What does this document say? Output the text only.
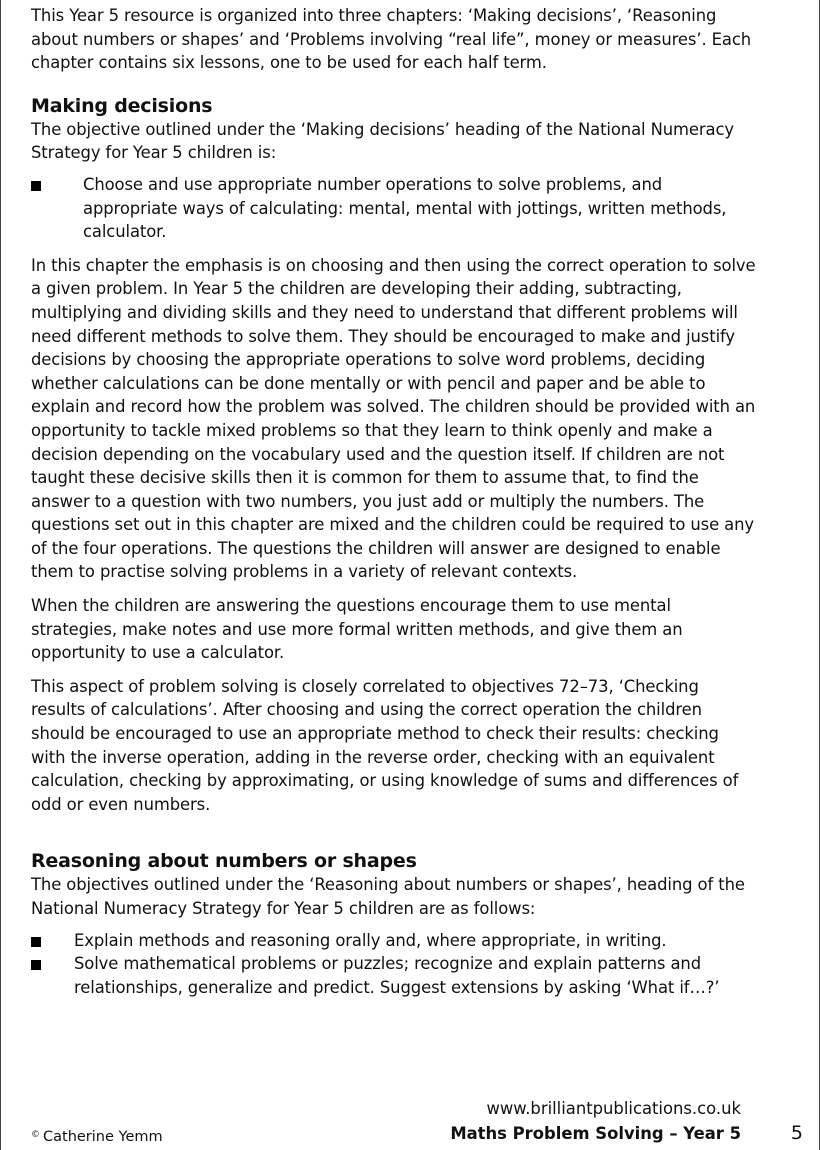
This Year 5 resource is organized into three chapters: ‘Making decisions’, ‘Reasoning about numbers or shapes’ and ‘Problems involving “real life”, money or measures’. Each chapter contains six lessons, one to be used for each half term.

Making decisions

The objective outlined under the ‘Making decisions’ heading of the National Numeracy Strategy for Year 5 children is:

Choose and use appropriate number operations to solve problems, and appropriate ways of calculating: mental, mental with jottings, written methods, calculator.

In this chapter the emphasis is on choosing and then using the correct operation to solve a given problem. In Year 5 the children are developing their adding, subtracting, multiplying and dividing skills and they need to understand that different problems will need different methods to solve them. They should be encouraged to make and justify decisions by choosing the appropriate operations to solve word problems, deciding whether calculations can be done mentally or with pencil and paper and be able to explain and record how the problem was solved. The children should be provided with an opportunity to tackle mixed problems so that they learn to think openly and make a decision depending on the vocabulary used and the question itself. If children are not taught these decisive skills then it is common for them to assume that, to find the answer to a question with two numbers, you just add or multiply the numbers. The questions set out in this chapter are mixed and the children could be required to use any of the four operations. The questions the children will answer are designed to enable them to practise solving problems in a variety of relevant contexts.

When the children are answering the questions encourage them to use mental strategies, make notes and use more formal written methods, and give them an opportunity to use a calculator.

This aspect of problem solving is closely correlated to objectives 72–73, ‘Checking results of calculations’. After choosing and using the correct operation the children should be encouraged to use an appropriate method to check their results: checking with the inverse operation, adding in the reverse order, checking with an equivalent calculation, checking by approximating, or using knowledge of sums and differences of odd or even numbers.

Reasoning about numbers or shapes

The objectives outlined under the ‘Reasoning about numbers or shapes’, heading of the National Numeracy Strategy for Year 5 children are as follows:

Explain methods and reasoning orally and, where appropriate, in writing.
Solve mathematical problems or puzzles; recognize and explain patterns and relationships, generalize and predict. Suggest extensions by asking ‘What if…?’
www.brilliantpublications.co.uk
© Catherine Yemm	Maths Problem Solving – Year 5	5
